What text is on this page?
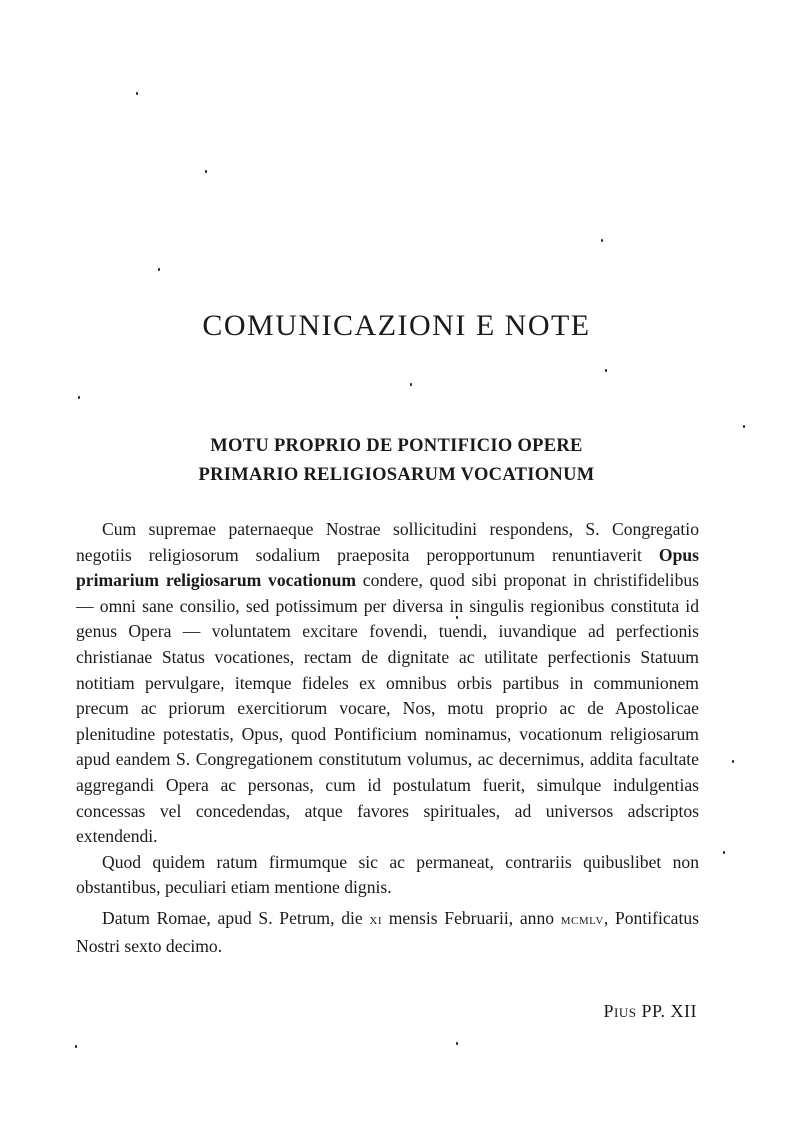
COMUNICAZIONI E NOTE
MOTU PROPRIO DE PONTIFICIO OPERE
PRIMARIO RELIGIOSARUM VOCATIONUM

Cum supremae paternaeque Nostrae sollicitudini respondens, S. Congregatio negotiis religiosorum sodalium praeposita peropportunum renuntiaverit Opus primarium religiosarum vocationum condere, quod sibi proponat in christifidelibus — omni sane consilio, sed potissimum per diversa in singulis regionibus constituta id genus Opera — voluntatem excitare fovendi, tuendi, iuvandique ad perfectionis christianae Status vocationes, rectam de dignitate ac utilitate perfectionis Statuum notitiam pervulgare, itemque fideles ex omnibus orbis partibus in communionem precum ac priorum exercitiorum vocare, Nos, motu proprio ac de Apostolicae plenitudine potestatis, Opus, quod Pontificium nominamus, vocationum religiosarum apud eandem S. Congregationem constitutum volumus, ac decernimus, addita facultate aggregandi Opera ac personas, cum id postulatum fuerit, simulque indulgentias concessas vel concedendas, atque favores spirituales, ad universos adscriptos extendendi.

Quod quidem ratum firmumque sic ac permaneat, contrariis quibuslibet non obstantibus, peculiari etiam mentione dignis.

Datum Romae, apud S. Petrum, die xi mensis Februarii, anno mcmlv, Pontificatus Nostri sexto decimo.

Pius PP. XII
